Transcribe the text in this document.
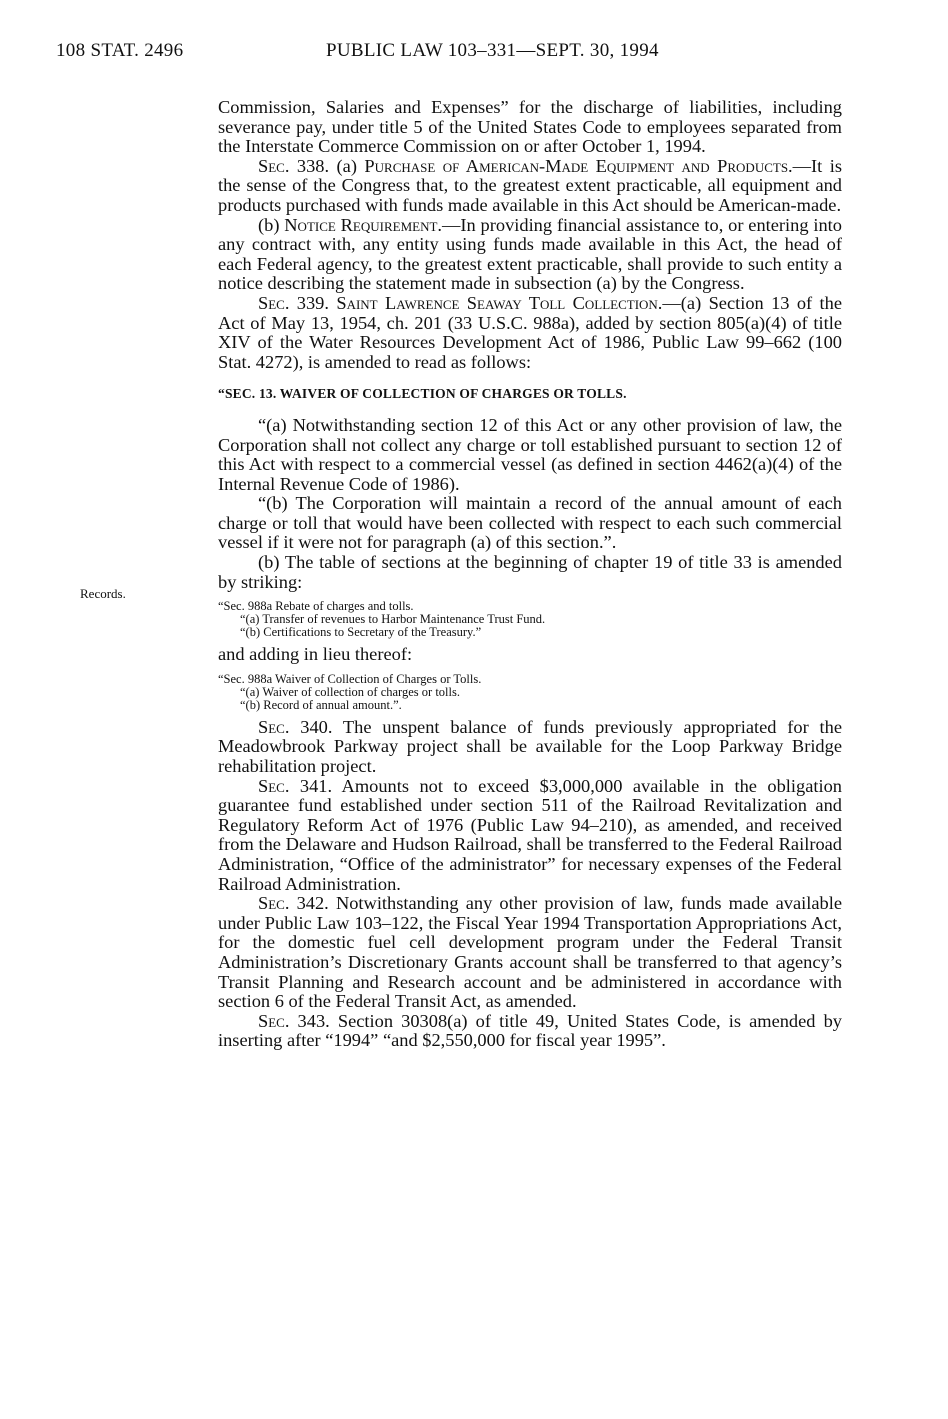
108 STAT. 2496	PUBLIC LAW 103–331—SEPT. 30, 1994
Records.

Commission, Salaries and Expenses” for the discharge of liabilities, including severance pay, under title 5 of the United States Code to employees separated from the Interstate Commerce Commission on or after October 1, 1994.

Sec. 338. (a) Purchase of American-Made Equipment and Products.—It is the sense of the Congress that, to the greatest extent practicable, all equipment and products purchased with funds made available in this Act should be American-made.

(b) Notice Requirement.—In providing financial assistance to, or entering into any contract with, any entity using funds made available in this Act, the head of each Federal agency, to the greatest extent practicable, shall provide to such entity a notice describing the statement made in subsection (a) by the Congress.

Sec. 339. Saint Lawrence Seaway Toll Collection.—(a) Section 13 of the Act of May 13, 1954, ch. 201 (33 U.S.C. 988a), added by section 805(a)(4) of title XIV of the Water Resources Development Act of 1986, Public Law 99–662 (100 Stat. 4272), is amended to read as follows:

“SEC. 13. WAIVER OF COLLECTION OF CHARGES OR TOLLS.

“(a) Notwithstanding section 12 of this Act or any other provision of law, the Corporation shall not collect any charge or toll established pursuant to section 12 of this Act with respect to a commercial vessel (as defined in section 4462(a)(4) of the Internal Revenue Code of 1986).

“(b) The Corporation will maintain a record of the annual amount of each charge or toll that would have been collected with respect to each such commercial vessel if it were not for paragraph (a) of this section.”.

(b) The table of sections at the beginning of chapter 19 of title 33 is amended by striking:

“Sec. 988a Rebate of charges and tolls.
“(a) Transfer of revenues to Harbor Maintenance Trust Fund.
“(b) Certifications to Secretary of the Treasury.”

and adding in lieu thereof:

“Sec. 988a Waiver of Collection of Charges or Tolls.
“(a) Waiver of collection of charges or tolls.
“(b) Record of annual amount.”.

Sec. 340. The unspent balance of funds previously appropriated for the Meadowbrook Parkway project shall be available for the Loop Parkway Bridge rehabilitation project.

Sec. 341. Amounts not to exceed $3,000,000 available in the obligation guarantee fund established under section 511 of the Railroad Revitalization and Regulatory Reform Act of 1976 (Public Law 94–210), as amended, and received from the Delaware and Hudson Railroad, shall be transferred to the Federal Railroad Administration, “Office of the administrator” for necessary expenses of the Federal Railroad Administration.

Sec. 342. Notwithstanding any other provision of law, funds made available under Public Law 103–122, the Fiscal Year 1994 Transportation Appropriations Act, for the domestic fuel cell development program under the Federal Transit Administration’s Discretionary Grants account shall be transferred to that agency’s Transit Planning and Research account and be administered in accordance with section 6 of the Federal Transit Act, as amended.

Sec. 343. Section 30308(a) of title 49, United States Code, is amended by inserting after “1994” “and $2,550,000 for fiscal year 1995”.
